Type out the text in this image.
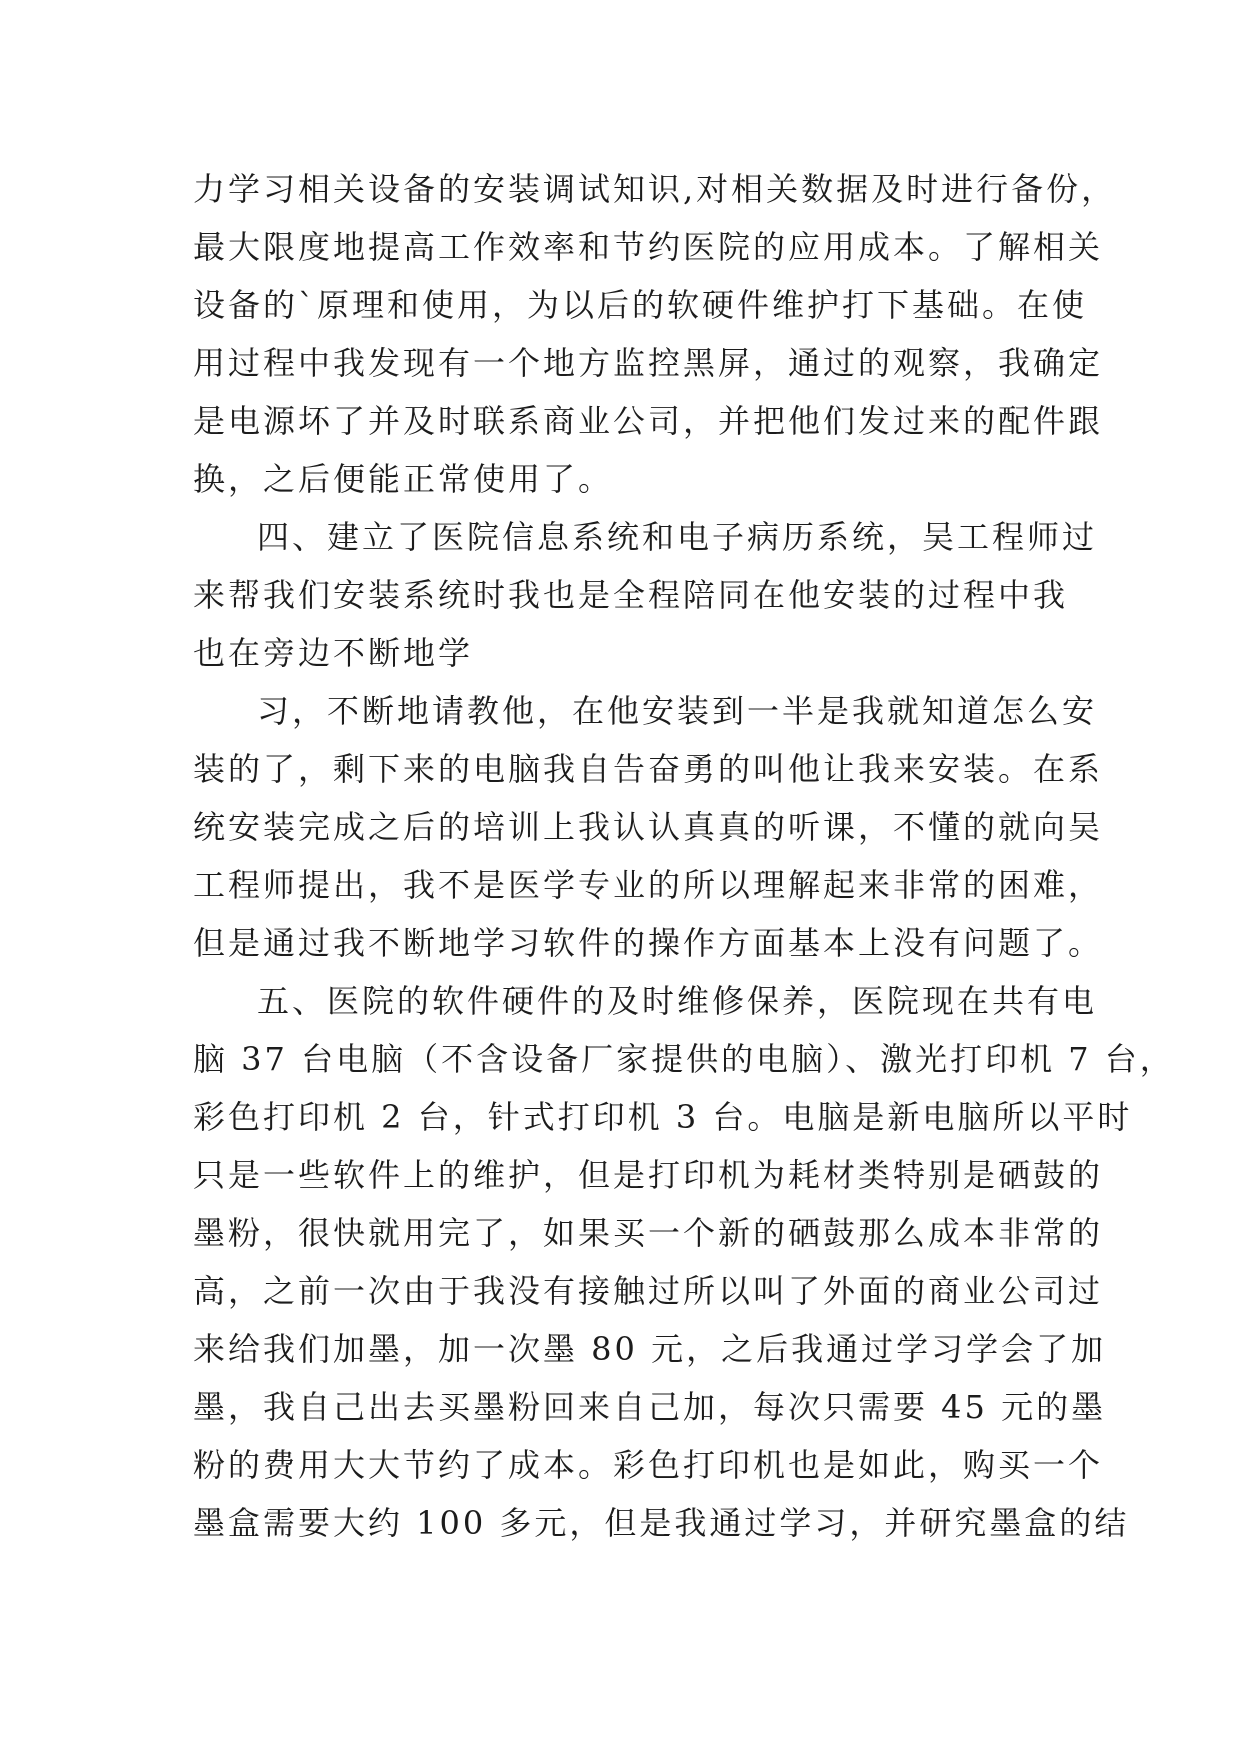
力学习相关设备的安装调试知识,对相关数据及时进行备份，
最大限度地提高工作效率和节约医院的应用成本。了解相关
设备的`原理和使用，为以后的软硬件维护打下基础。在使
用过程中我发现有一个地方监控黑屏，通过的观察，我确定
是电源坏了并及时联系商业公司，并把他们发过来的配件跟
换，之后便能正常使用了。
四、建立了医院信息系统和电子病历系统，吴工程师过
来帮我们安装系统时我也是全程陪同在他安装的过程中我
也在旁边不断地学
习，不断地请教他，在他安装到一半是我就知道怎么安
装的了，剩下来的电脑我自告奋勇的叫他让我来安装。在系
统安装完成之后的培训上我认认真真的听课，不懂的就向吴
工程师提出，我不是医学专业的所以理解起来非常的困难，
但是通过我不断地学习软件的操作方面基本上没有问题了。
五、医院的软件硬件的及时维修保养，医院现在共有电
脑 37 台电脑（不含设备厂家提供的电脑）、激光打印机 7 台，
彩色打印机 2 台，针式打印机 3 台。电脑是新电脑所以平时
只是一些软件上的维护，但是打印机为耗材类特别是硒鼓的
墨粉，很快就用完了，如果买一个新的硒鼓那么成本非常的
高，之前一次由于我没有接触过所以叫了外面的商业公司过
来给我们加墨，加一次墨 80 元，之后我通过学习学会了加
墨，我自己出去买墨粉回来自己加，每次只需要 45 元的墨
粉的费用大大节约了成本。彩色打印机也是如此，购买一个
墨盒需要大约 100 多元，但是我通过学习，并研究墨盒的结
